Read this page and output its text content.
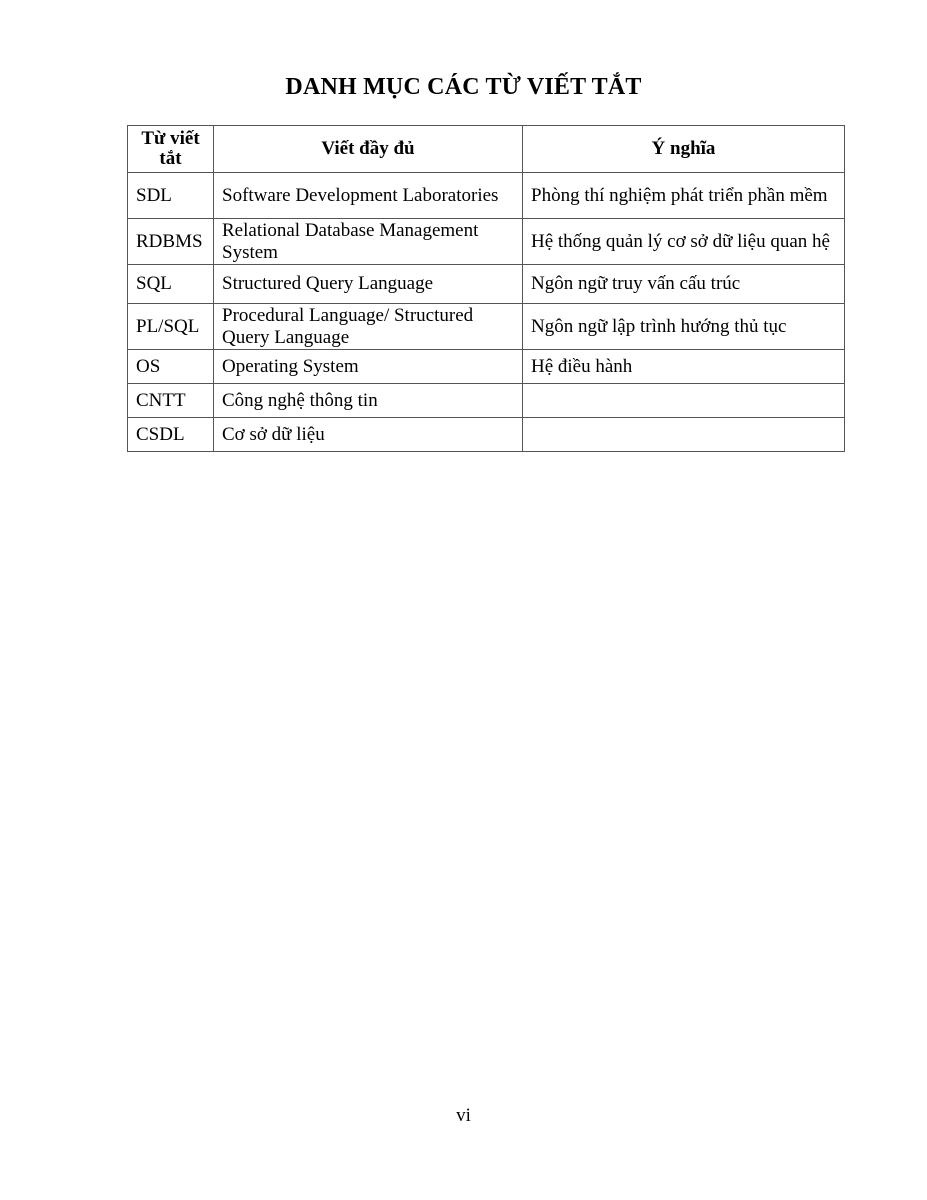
DANH MỤC CÁC TỪ VIẾT TẮT
Từ viết tắt	Viết đầy đủ	Ý nghĩa
SDL	Software Development Laboratories	Phòng thí nghiệm phát triển phần mềm
RDBMS	Relational Database Management System	Hệ thống quản lý cơ sở dữ liệu quan hệ
SQL	Structured Query Language	Ngôn ngữ truy vấn cấu trúc
PL/SQL	Procedural Language/ Structured Query Language	Ngôn ngữ lập trình hướng thủ tục
OS	Operating System	Hệ điều hành
CNTT	Công nghệ thông tin	
CSDL	Cơ sở dữ liệu	
vi
